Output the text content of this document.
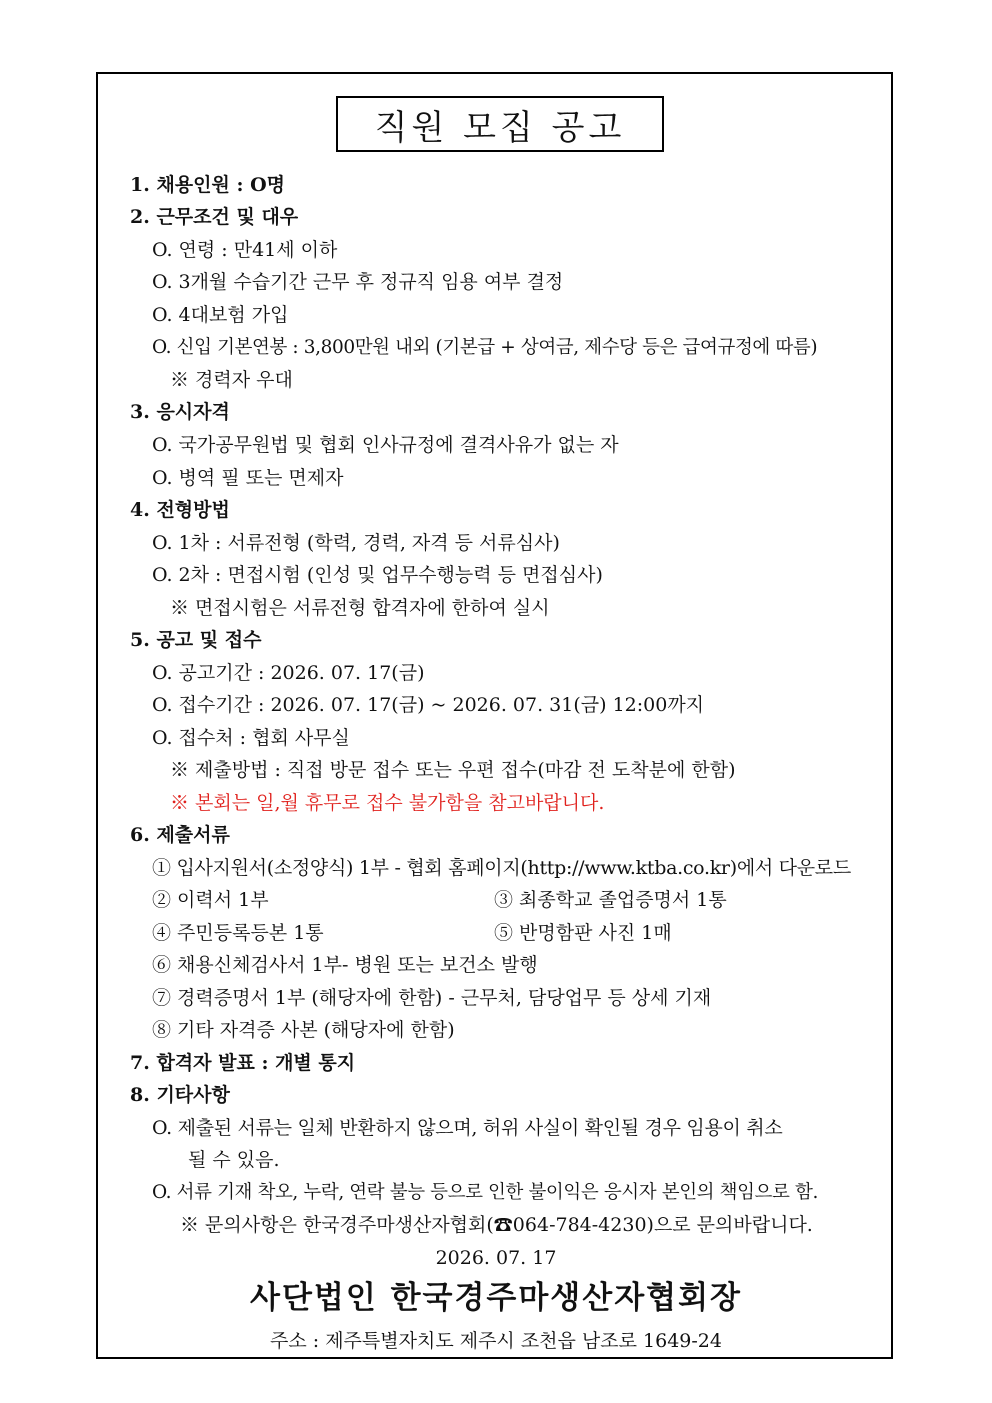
직원 모집 공고
1. 채용인원 : O명
2. 근무조건 및 대우
O. 연령 : 만41세 이하
O. 3개월 수습기간 근무 후 정규직 임용 여부 결정
O. 4대보험 가입
O. 신입 기본연봉 : 3,800만원 내외 (기본급 + 상여금, 제수당 등은 급여규정에 따름)
※ 경력자 우대
3. 응시자격
O. 국가공무원법 및 협회 인사규정에 결격사유가 없는 자
O. 병역 필 또는 면제자
4. 전형방법
O. 1차 : 서류전형 (학력, 경력, 자격 등 서류심사)
O. 2차 : 면접시험 (인성 및 업무수행능력 등 면접심사)
※ 면접시험은 서류전형 합격자에 한하여 실시
5. 공고 및 접수
O. 공고기간 : 2026. 07. 17(금)
O. 접수기간 : 2026. 07. 17(금) ~ 2026. 07. 31(금) 12:00까지
O. 접수처 : 협회 사무실
※ 제출방법 : 직접 방문 접수 또는 우편 접수(마감 전 도착분에 한함)
※ 본회는 일,월 휴무로 접수 불가함을 참고바랍니다.
6. 제출서류
① 입사지원서(소정양식) 1부 - 협회 홈페이지(http://www.ktba.co.kr)에서 다운로드
② 이력서 1부	③ 최종학교 졸업증명서 1통
④ 주민등록등본 1통	⑤ 반명함판 사진 1매
⑥ 채용신체검사서 1부- 병원 또는 보건소 발행
⑦ 경력증명서 1부 (해당자에 한함) - 근무처, 담당업무 등 상세 기재
⑧ 기타 자격증 사본 (해당자에 한함)
7. 합격자 발표 : 개별 통지
8. 기타사항
O. 제출된 서류는 일체 반환하지 않으며, 허위 사실이 확인될 경우 임용이 취소
될 수 있음.
O. 서류 기재 착오, 누락, 연락 불능 등으로 인한 불이익은 응시자 본인의 책임으로 함.
※ 문의사항은 한국경주마생산자협회(☎064-784-4230)으로 문의바랍니다.
2026. 07. 17
사단법인 한국경주마생산자협회장
주소 : 제주특별자치도 제주시 조천읍 남조로 1649-24
